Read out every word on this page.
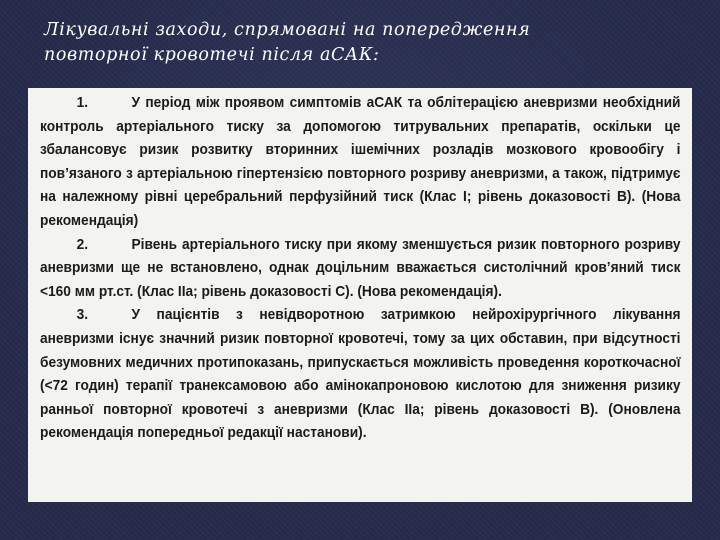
Лікувальні заходи, спрямовані на попередження
повторної кровотечі після аСАК:

1.	У період між проявом симптомів аСАК та облітерацією аневризми необхідний контроль артеріального тиску за допомогою титрувальних препаратів, оскільки це збалансовує ризик розвитку вторинних ішемічних розладів мозкового кровообігу і пов’язаного з артеріальною гіпертензією повторного розриву аневризми, а також, підтримує на належному рівні церебральний перфузійний тиск (Клас I; рівень доказовості B). (Нова рекомендація)

2.	Рівень артеріального тиску при якому зменшується ризик повторного розриву аневризми ще не встановлено, однак доцільним вважається систолічний кров’яний тиск <160 мм рт.ст. (Клас IIa; рівень доказовості C). (Нова рекомендація).

3.	У пацієнтів з невідворотною затримкою нейрохірургічного лікування аневризми існує значний ризик повторної кровотечі, тому за цих обставин, при відсутності безумовних медичних протипоказань, припускається можливість проведення короткочасної (<72 годин) терапії транексамовою або амінокапроновою кислотою для зниження ризику ранньої повторної кровотечі з аневризми (Клас IIa; рівень доказовості B). (Оновлена рекомендація попередньої редакції настанови).
